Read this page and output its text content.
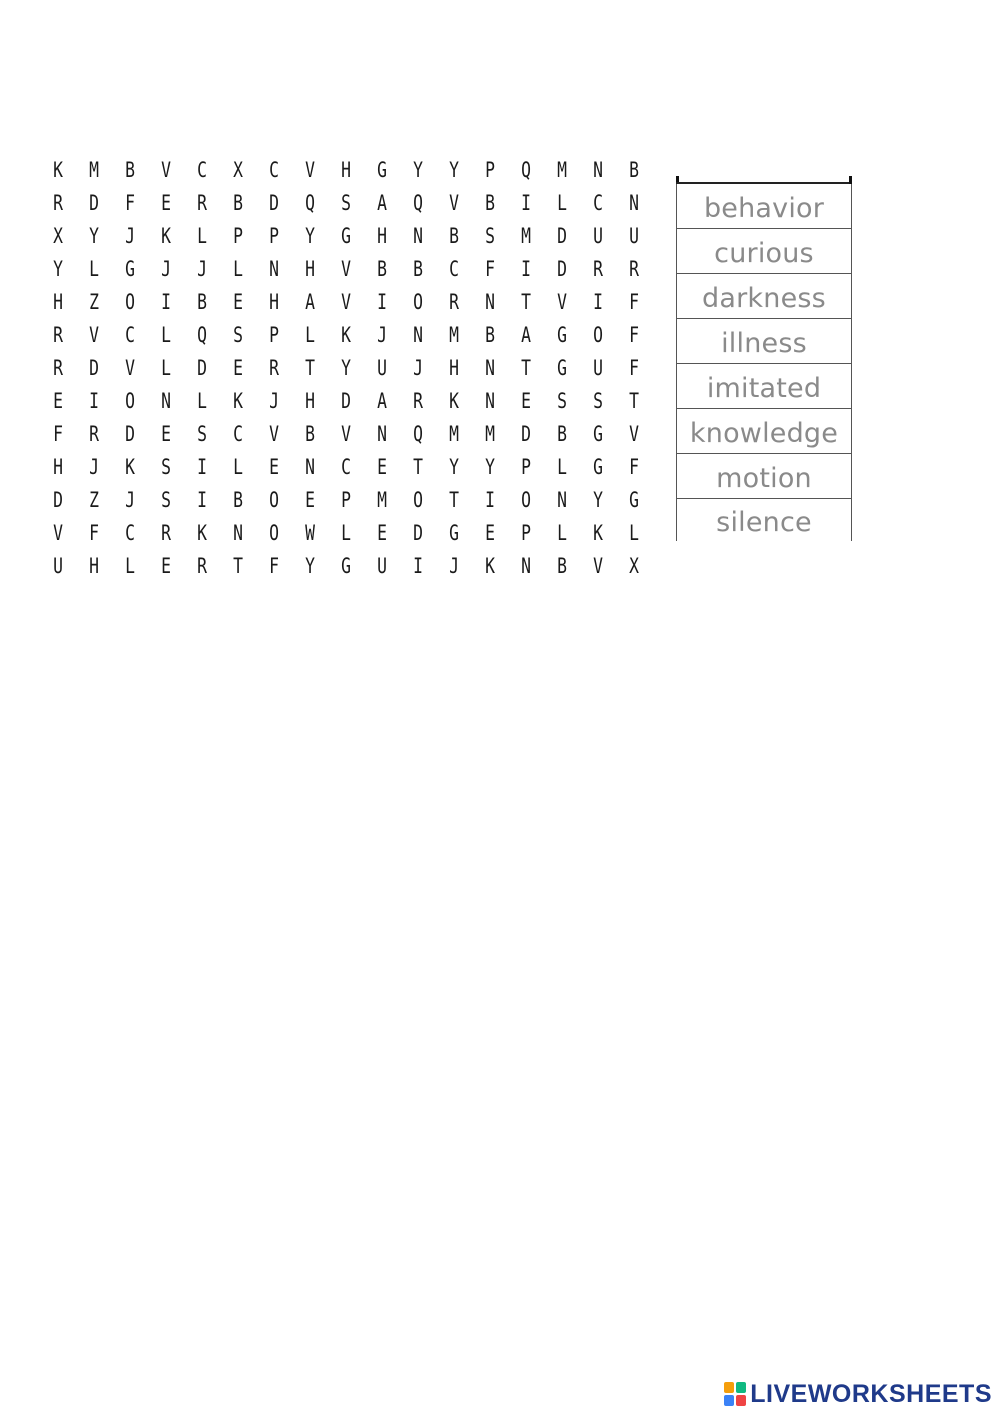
K	M	B	V	C	X	C	V	H	G	Y	Y	P	Q	M	N	B
R	D	F	E	R	B	D	Q	S	A	Q	V	B	I	L	C	N
X	Y	J	K	L	P	P	Y	G	H	N	B	S	M	D	U	U
Y	L	G	J	J	L	N	H	V	B	B	C	F	I	D	R	R
H	Z	O	I	B	E	H	A	V	I	O	R	N	T	V	I	F
R	V	C	L	Q	S	P	L	K	J	N	M	B	A	G	O	F
R	D	V	L	D	E	R	T	Y	U	J	H	N	T	G	U	F
E	I	O	N	L	K	J	H	D	A	R	K	N	E	S	S	T
F	R	D	E	S	C	V	B	V	N	Q	M	M	D	B	G	V
H	J	K	S	I	L	E	N	C	E	T	Y	Y	P	L	G	F
D	Z	J	S	I	B	O	E	P	M	O	T	I	O	N	Y	G
V	F	C	R	K	N	O	W	L	E	D	G	E	P	L	K	L
U	H	L	E	R	T	F	Y	G	U	I	J	K	N	B	V	X
behavior
curious
darkness
illness
imitated
knowledge
motion
silence
LIVEWORKSHEETS
